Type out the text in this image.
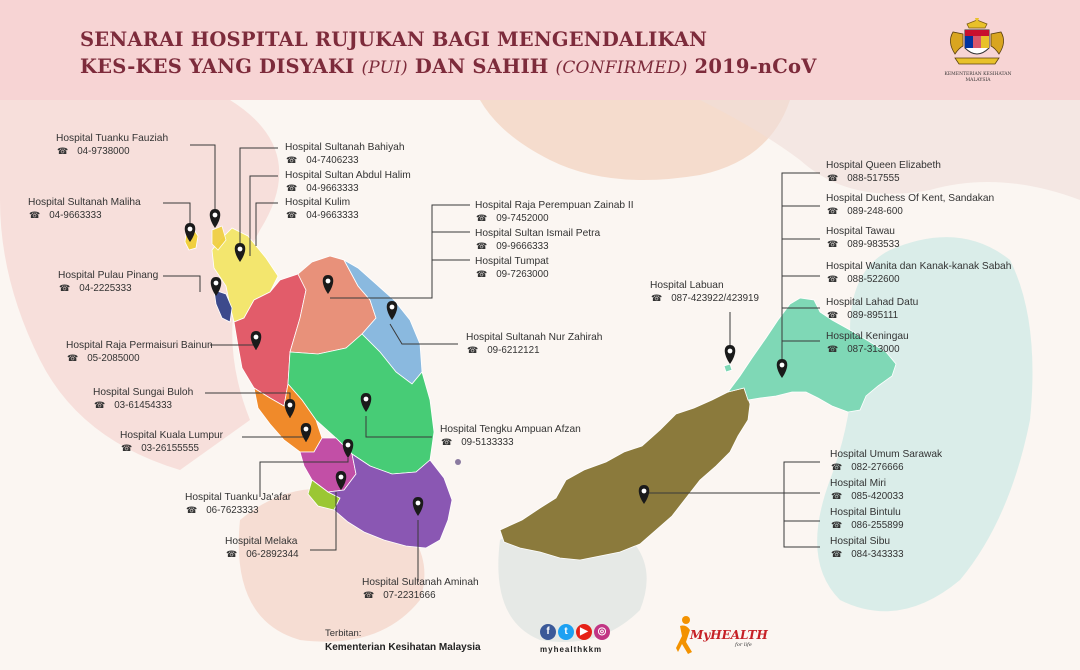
SENARAI HOSPITAL RUJUKAN BAGI MENGENDALIKAN
KES-KES YANG DISYAKI (PUI) DAN SAHIH (CONFIRMED) 2019-nCoV	KEMENTERIAN KESIHATAN
MALAYSIA
Hospital Tuanku Fauziah
☎ 04-9738000
Hospital Sultanah Maliha
☎ 04-9663333
Hospital Sultanah Bahiyah
☎ 04-7406233
Hospital Sultan Abdul Halim
☎ 04-9663333
Hospital Kulim
☎ 04-9663333
Hospital Pulau Pinang
☎ 04-2225333
Hospital Raja Permaisuri Bainun
☎ 05-2085000
Hospital Sungai Buloh
☎ 03-61454333
Hospital Kuala Lumpur
☎ 03-26155555
Hospital Tuanku Ja'afar
☎ 06-7623333
Hospital Melaka
☎ 06-2892344
Hospital Sultanah Aminah
☎ 07-2231666
Hospital Raja Perempuan Zainab II
☎ 09-7452000
Hospital Sultan Ismail Petra
☎ 09-9666333
Hospital Tumpat
☎ 09-7263000
Hospital Sultanah Nur Zahirah
☎ 09-6212121
Hospital Tengku Ampuan Afzan
☎ 09-5133333
Hospital Labuan
☎ 087-423922/423919
Hospital Queen Elizabeth
☎ 088-517555
Hospital Duchess Of Kent, Sandakan
☎ 089-248-600
Hospital Tawau
☎ 089-983533
Hospital Wanita dan Kanak-kanak Sabah
☎ 088-522600
Hospital Lahad Datu
☎ 089-895111
Hospital Keningau
☎ 087-313000
Hospital Umum Sarawak
☎ 082-276666
Hospital Miri
☎ 085-420033
Hospital Bintulu
☎ 086-255899
Hospital Sibu
☎ 084-343333
Terbitan:
Kementerian Kesihatan Malaysia
f	t	▶ ◎
myhealthkkm
MyHEALTH
for life
